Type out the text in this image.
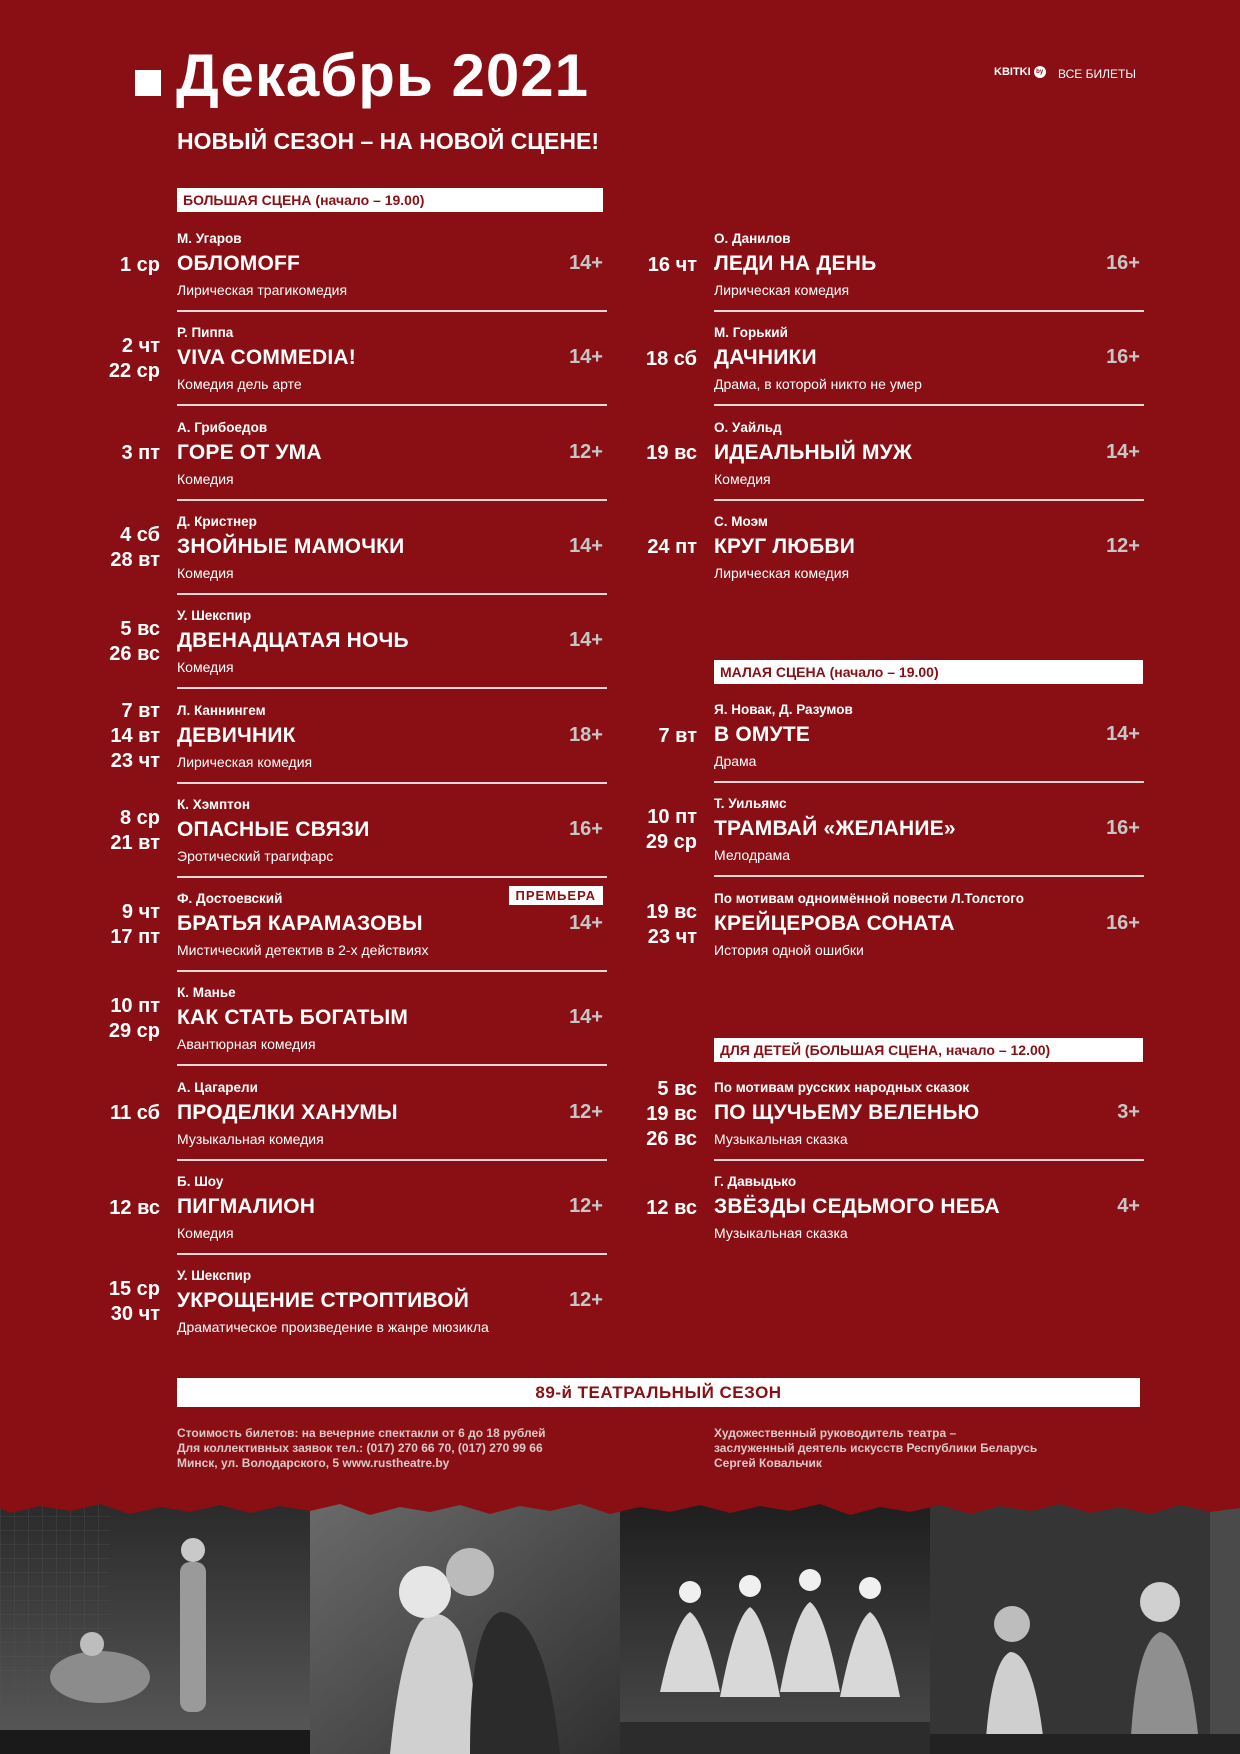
Декабрь 2021
НОВЫЙ СЕЗОН – НА НОВОЙ СЦЕНЕ!
KBITKI by ВСЕ БИЛЕТЫ
БОЛЬШАЯ СЦЕНА (начало – 19.00)
МАЛАЯ СЦЕНА (начало – 19.00)
ДЛЯ ДЕТЕЙ (БОЛЬШАЯ СЦЕНА, начало – 12.00)
89-й ТЕАТРАЛЬНЫЙ СЕЗОН
Стоимость билетов: на вечерние спектакли от 6 до 18 рублей
Для коллективных заявок тел.: (017) 270 66 70, (017) 270 99 66
Минск, ул. Володарского, 5 www.rustheatre.by
Художественный руководитель театра –
заслуженный деятель искусств Республики Беларусь
Сергей Ковальчик
1 ср
М. Угаров
ОБЛОМOFF
Лирическая трагикомедия
14+
2 чт
22 ср
Р. Пиппа
VIVA COMMEDIA!
Комедия дель арте
14+
3 пт
А. Грибоедов
ГОРЕ ОТ УМА
Комедия
12+
4 сб
28 вт
Д. Кристнер
ЗНОЙНЫЕ МАМОЧКИ
Комедия
14+
5 вс
26 вс
У. Шекспир
ДВЕНАДЦАТАЯ НОЧЬ
Комедия
14+
7 вт
14 вт
23 чт
Л. Каннингем
ДЕВИЧНИК
Лирическая комедия
18+
8 ср
21 вт
К. Хэмптон
ОПАСНЫЕ СВЯЗИ
Эротический трагифарс
16+
9 чт
17 пт
Ф. Достоевский
БРАТЬЯ КАРАМАЗОВЫ
Мистический детектив в 2-х действиях
14+
ПРЕМЬЕРА
10 пт
29 ср
К. Манье
КАК СТАТЬ БОГАТЫМ
Авантюрная комедия
14+
11 сб
А. Цагарели
ПРОДЕЛКИ ХАНУМЫ
Музыкальная комедия
12+
12 вс
Б. Шоу
ПИГМАЛИОН
Комедия
12+
15 ср
30 чт
У. Шекспир
УКРОЩЕНИЕ СТРОПТИВОЙ
Драматическое произведение в жанре мюзикла
12+
16 чт
О. Данилов
ЛЕДИ НА ДЕНЬ
Лирическая комедия
16+
18 сб
М. Горький
ДАЧНИКИ
Драма, в которой никто не умер
16+
19 вс
О. Уайльд
ИДЕАЛЬНЫЙ МУЖ
Комедия
14+
24 пт
С. Моэм
КРУГ ЛЮБВИ
Лирическая комедия
12+
7 вт
Я. Новак, Д. Разумов
В ОМУТЕ
Драма
14+
10 пт
29 ср
Т. Уильямс
ТРАМВАЙ «ЖЕЛАНИЕ»
Мелодрама
16+
19 вс
23 чт
По мотивам одноимённой повести Л.Толстого
КРЕЙЦЕРОВА СОНАТА
История одной ошибки
16+
5 вс
19 вс
26 вс
По мотивам русских народных сказок
ПО ЩУЧЬЕМУ ВЕЛЕНЬЮ
Музыкальная сказка
3+
12 вс
Г. Давыдько
ЗВЁЗДЫ СЕДЬМОГО НЕБА
Музыкальная сказка
4+
